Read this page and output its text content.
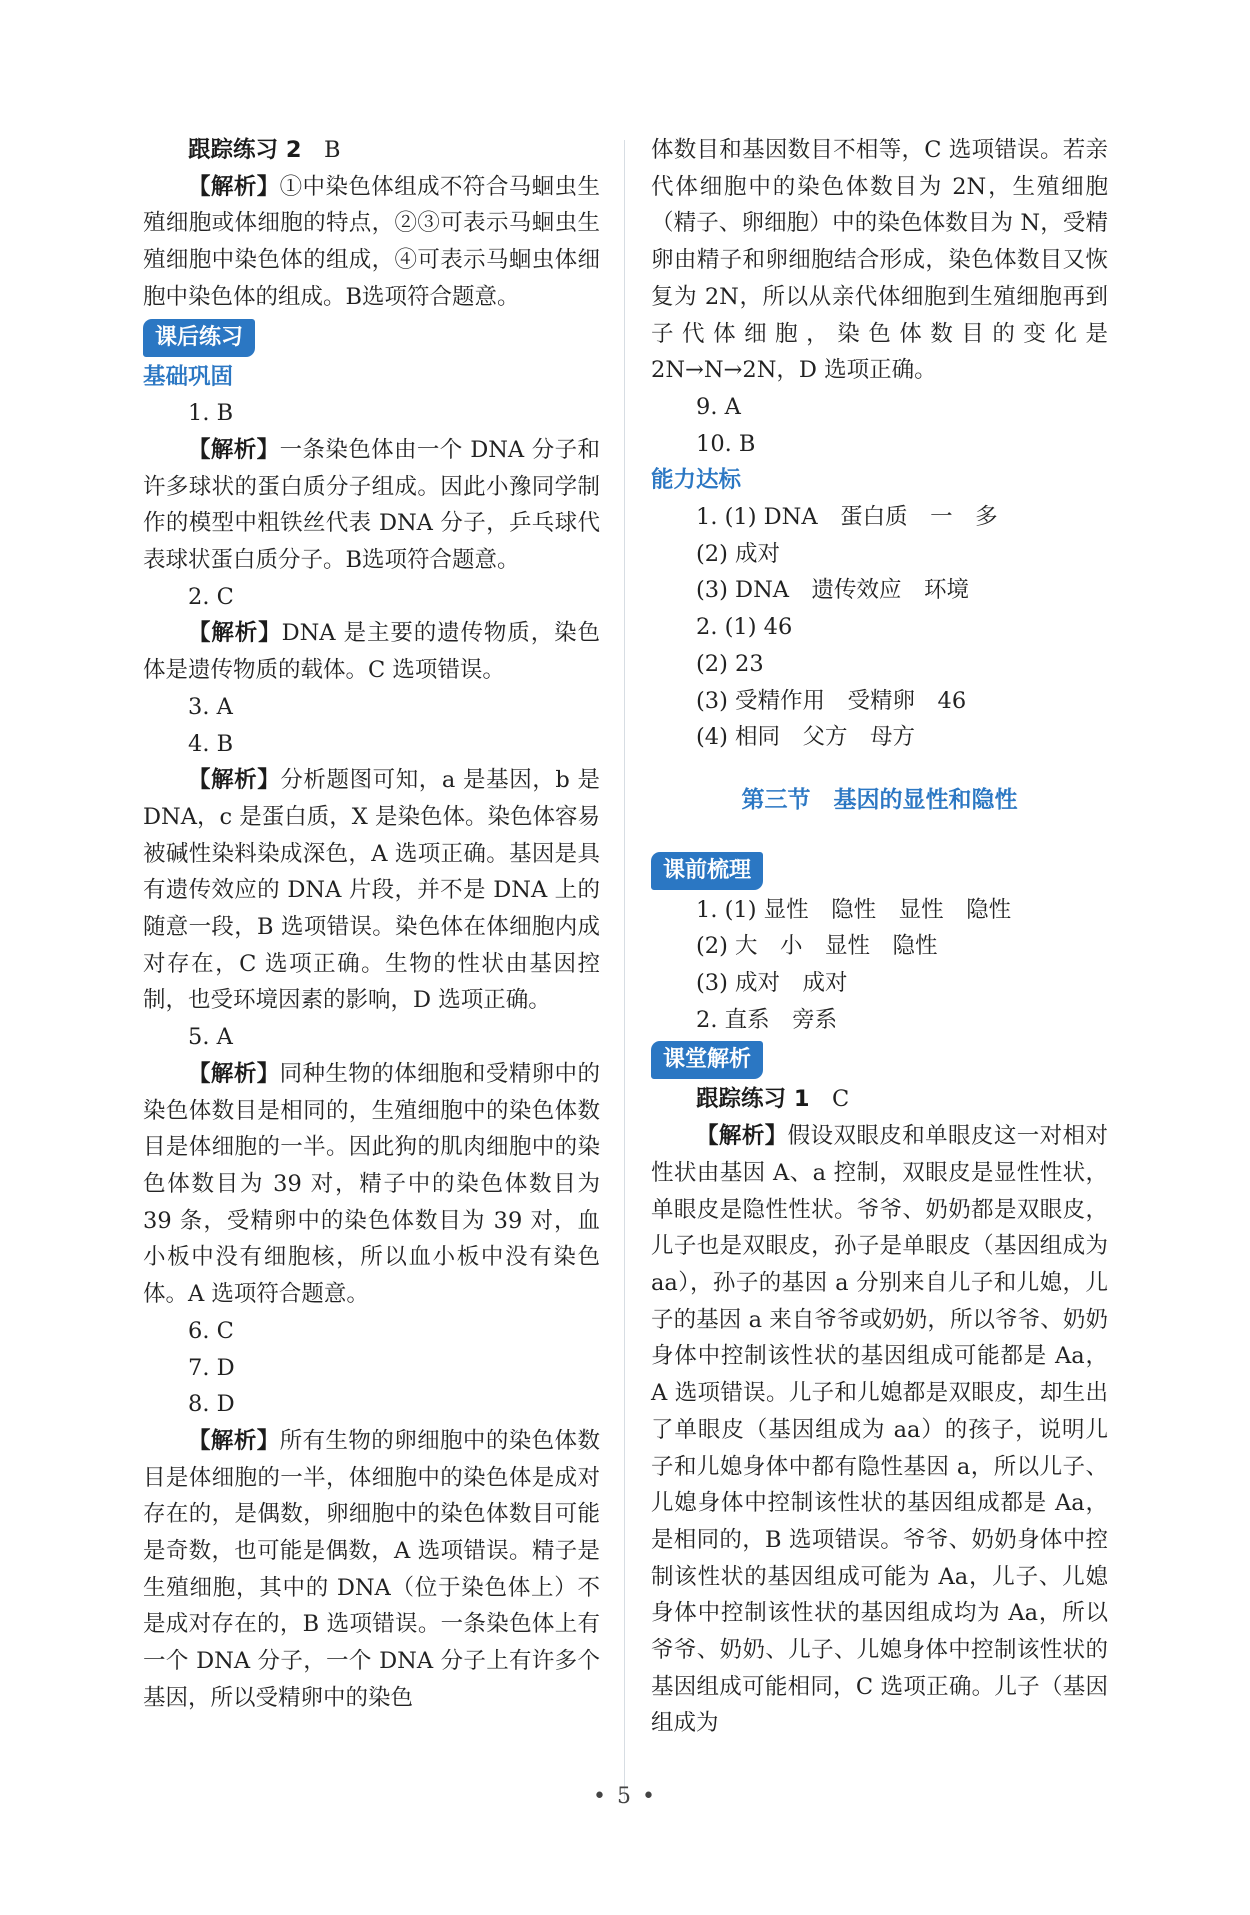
跟踪练习 2　 B

【解析】①中染色体组成不符合马蛔虫生殖细胞或体细胞的特点，②③可表示马蛔虫生殖细胞中染色体的组成，④可表示马蛔虫体细胞中染色体的组成。B选项符合题意。

课后练习

基础巩固

1. B

【解析】一条染色体由一个 DNA 分子和许多球状的蛋白质分子组成。因此小豫同学制作的模型中粗铁丝代表 DNA 分子，乒乓球代表球状蛋白质分子。B选项符合题意。

2. C

【解析】DNA 是主要的遗传物质，染色体是遗传物质的载体。C 选项错误。

3. A

4. B

【解析】分析题图可知，a 是基因，b 是 DNA，c 是蛋白质，X 是染色体。染色体容易被碱性染料染成深色，A 选项正确。基因是具有遗传效应的 DNA 片段，并不是 DNA 上的随意一段，B 选项错误。染色体在体细胞内成对存在，C 选项正确。生物的性状由基因控制，也受环境因素的影响，D 选项正确。

5. A

【解析】同种生物的体细胞和受精卵中的染色体数目是相同的，生殖细胞中的染色体数目是体细胞的一半。因此狗的肌肉细胞中的染色体数目为 39 对，精子中的染色体数目为 39 条，受精卵中的染色体数目为 39 对，血小板中没有细胞核，所以血小板中没有染色体。A 选项符合题意。

6. C

7. D

8. D

【解析】所有生物的卵细胞中的染色体数目是体细胞的一半，体细胞中的染色体是成对存在的，是偶数，卵细胞中的染色体数目可能是奇数，也可能是偶数，A 选项错误。精子是生殖细胞，其中的 DNA（位于染色体上）不是成对存在的，B 选项错误。一条染色体上有一个 DNA 分子，一个 DNA 分子上有许多个基因，所以受精卵中的染色

体数目和基因数目不相等，C 选项错误。若亲代体细胞中的染色体数目为 2N，生殖细胞（精子、卵细胞）中的染色体数目为 N，受精卵由精子和卵细胞结合形成，染色体数目又恢复为 2N，所以从亲代体细胞到生殖细胞再到子代体细胞，染色体数目的变化是 2N→N→2N，D 选项正确。

9. A

10. B

能力达标

1. (1) DNA　蛋白质　一　多

(2) 成对

(3) DNA　遗传效应　环境

2. (1) 46

(2) 23

(3) 受精作用　受精卵　46

(4) 相同　父方　母方

第三节　基因的显性和隐性

课前梳理

1. (1) 显性　隐性　显性　隐性

(2) 大　小　显性　隐性

(3) 成对　成对

2. 直系　旁系

课堂解析

跟踪练习 1　 C

【解析】假设双眼皮和单眼皮这一对相对性状由基因 A、a 控制，双眼皮是显性性状，单眼皮是隐性性状。爷爷、奶奶都是双眼皮，儿子也是双眼皮，孙子是单眼皮（基因组成为 aa），孙子的基因 a 分别来自儿子和儿媳，儿子的基因 a 来自爷爷或奶奶，所以爷爷、奶奶身体中控制该性状的基因组成可能都是 Aa，A 选项错误。儿子和儿媳都是双眼皮，却生出了单眼皮（基因组成为 aa）的孩子，说明儿子和儿媳身体中都有隐性基因 a，所以儿子、儿媳身体中控制该性状的基因组成都是 Aa，是相同的，B 选项错误。爷爷、奶奶身体中控制该性状的基因组成可能为 Aa，儿子、儿媳身体中控制该性状的基因组成均为 Aa，所以爷爷、奶奶、儿子、儿媳身体中控制该性状的基因组成可能相同，C 选项正确。儿子（基因组成为

• 5 •
